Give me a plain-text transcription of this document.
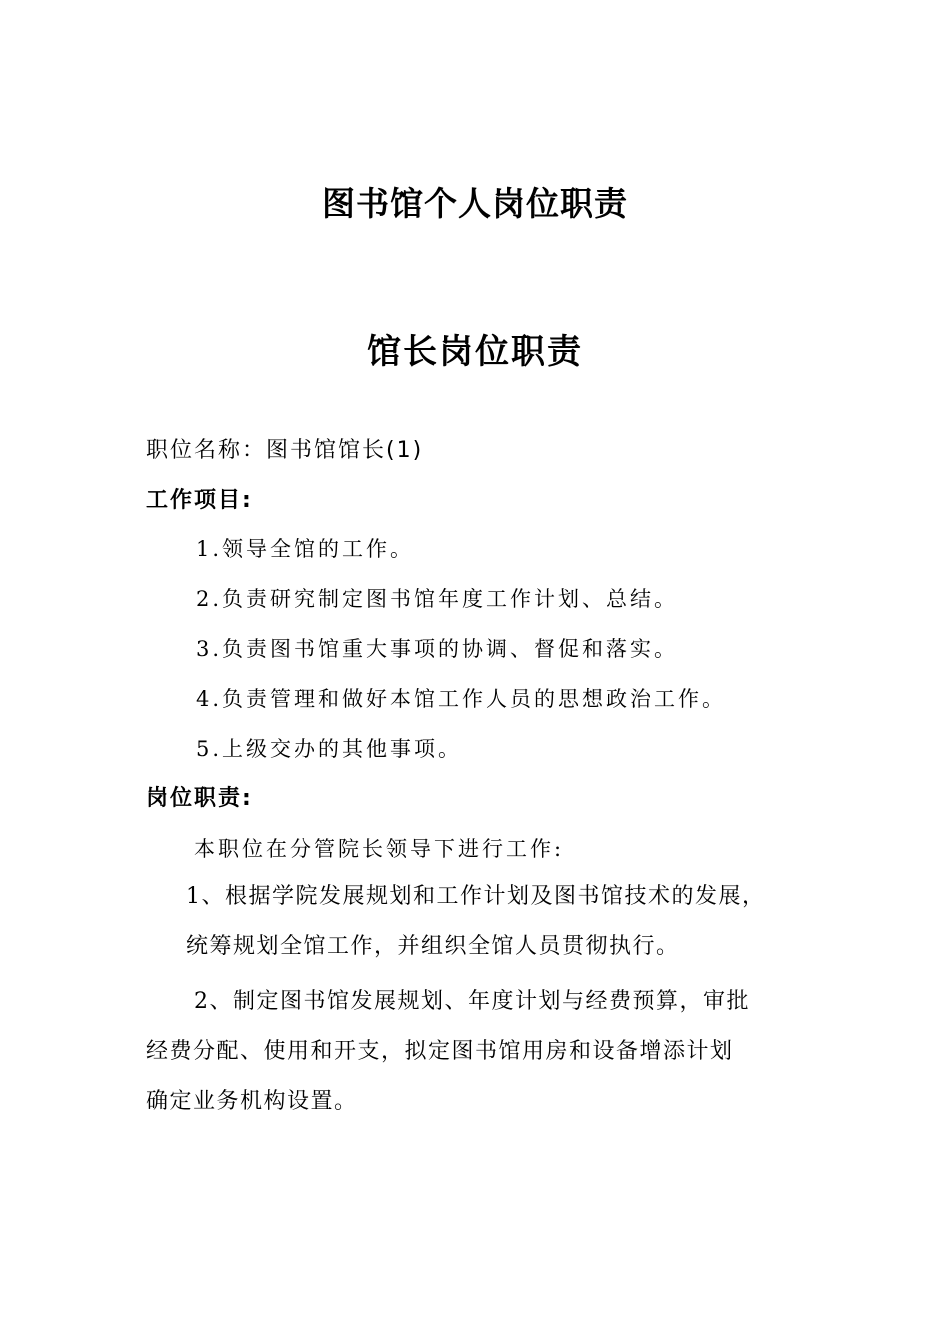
图书馆个人岗位职责
馆长岗位职责

职位名称：图书馆馆长(1)

工作项目:

1.领导全馆的工作。

2.负责研究制定图书馆年度工作计划、总结。

3.负责图书馆重大事项的协调、督促和落实。

4.负责管理和做好本馆工作人员的思想政治工作。

5.上级交办的其他事项。

岗位职责:

本职位在分管院长领导下进行工作:

1、根据学院发展规划和工作计划及图书馆技术的发展，

统筹规划全馆工作，并组织全馆人员贯彻执行。

2、制定图书馆发展规划、年度计划与经费预算，审批

经费分配、使用和开支，拟定图书馆用房和设备增添计划

确定业务机构设置。
